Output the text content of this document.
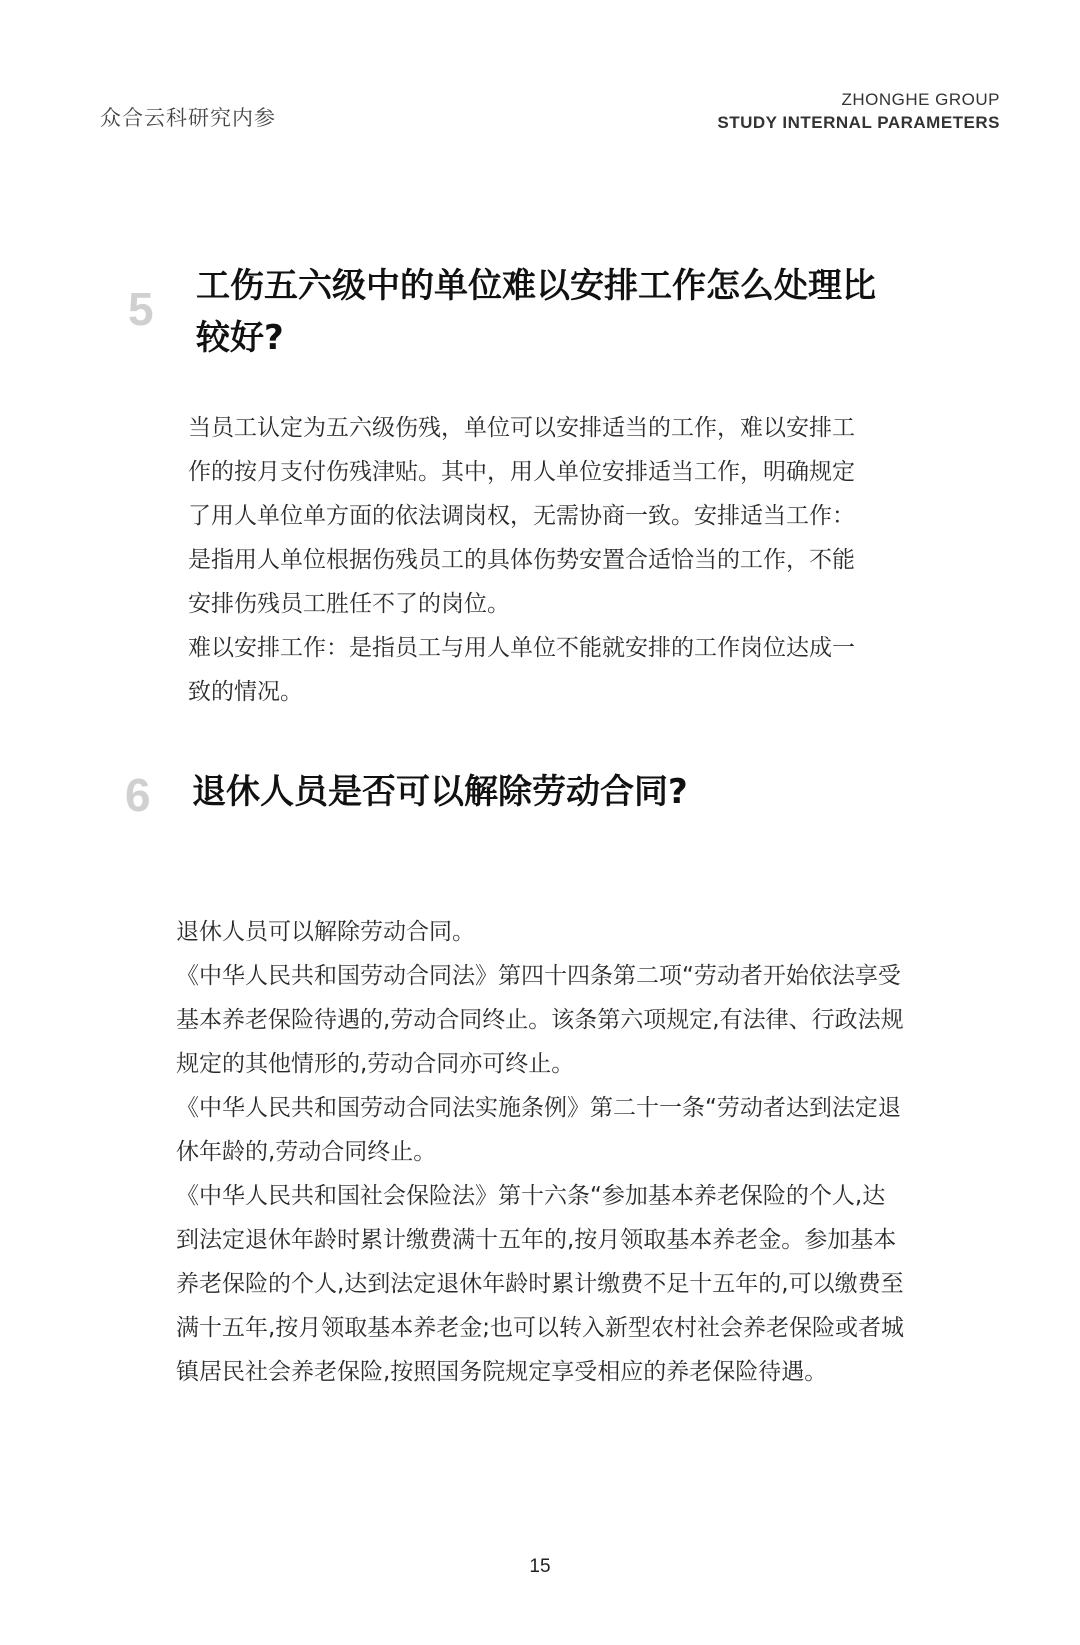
众合云科研究内参
ZHONGHE GROUP
STUDY INTERNAL PARAMETERS
5 工伤五六级中的单位难以安排工作怎么处理比
较好?

当员工认定为五六级伤残，单位可以安排适当的工作，难以安排工

作的按月支付伤残津贴。其中，用人单位安排适当工作，明确规定

了用人单位单方面的依法调岗权，无需协商一致。安排适当工作：

是指用人单位根据伤残员工的具体伤势安置合适恰当的工作，不能

安排伤残员工胜任不了的岗位。

难以安排工作：是指员工与用人单位不能就安排的工作岗位达成一

致的情况。

6 退休人员是否可以解除劳动合同?

退休人员可以解除劳动合同。

《中华人民共和国劳动合同法》第四十四条第二项“劳动者开始依法享受

基本养老保险待遇的,劳动合同终止。该条第六项规定,有法律、行政法规

规定的其他情形的,劳动合同亦可终止。

《中华人民共和国劳动合同法实施条例》第二十一条“劳动者达到法定退

休年龄的,劳动合同终止。

《中华人民共和国社会保险法》第十六条“参加基本养老保险的个人,达

到法定退休年龄时累计缴费满十五年的,按月领取基本养老金。参加基本

养老保险的个人,达到法定退休年龄时累计缴费不足十五年的,可以缴费至

满十五年,按月领取基本养老金;也可以转入新型农村社会养老保险或者城

镇居民社会养老保险,按照国务院规定享受相应的养老保险待遇。

15
